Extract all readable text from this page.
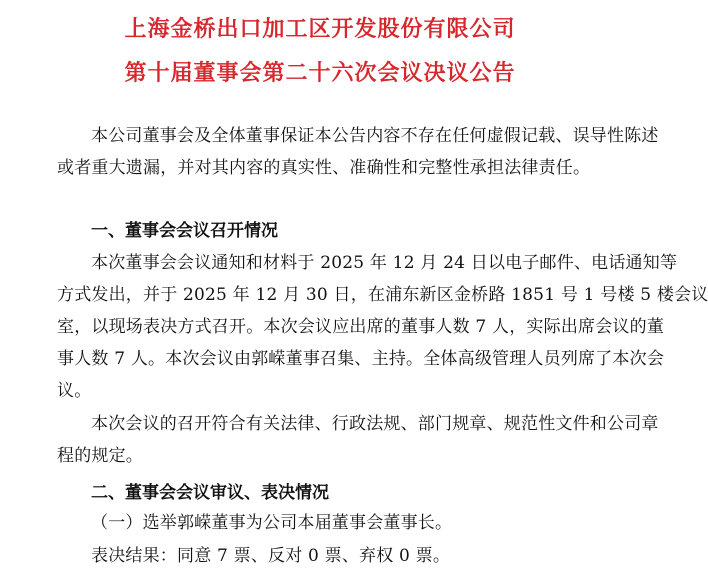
上海金桥出口加工区开发股份有限公司
第十届董事会第二十六次会议决议公告
本公司董事会及全体董事保证本公告内容不存在任何虚假记载、误导性陈述
或者重大遗漏，并对其内容的真实性、准确性和完整性承担法律责任。
一、董事会会议召开情况
本次董事会会议通知和材料于 2025 年 12 月 24 日以电子邮件、电话通知等
方式发出，并于 2025 年 12 月 30 日，在浦东新区金桥路 1851 号 1 号楼 5 楼会议
室，以现场表决方式召开。本次会议应出席的董事人数 7 人，实际出席会议的董
事人数 7 人。本次会议由郭嵘董事召集、主持。全体高级管理人员列席了本次会
议。
本次会议的召开符合有关法律、行政法规、部门规章、规范性文件和公司章
程的规定。
二、董事会会议审议、表决情况
（一）选举郭嵘董事为公司本届董事会董事长。
表决结果：同意 7 票、反对 0 票、弃权 0 票。
